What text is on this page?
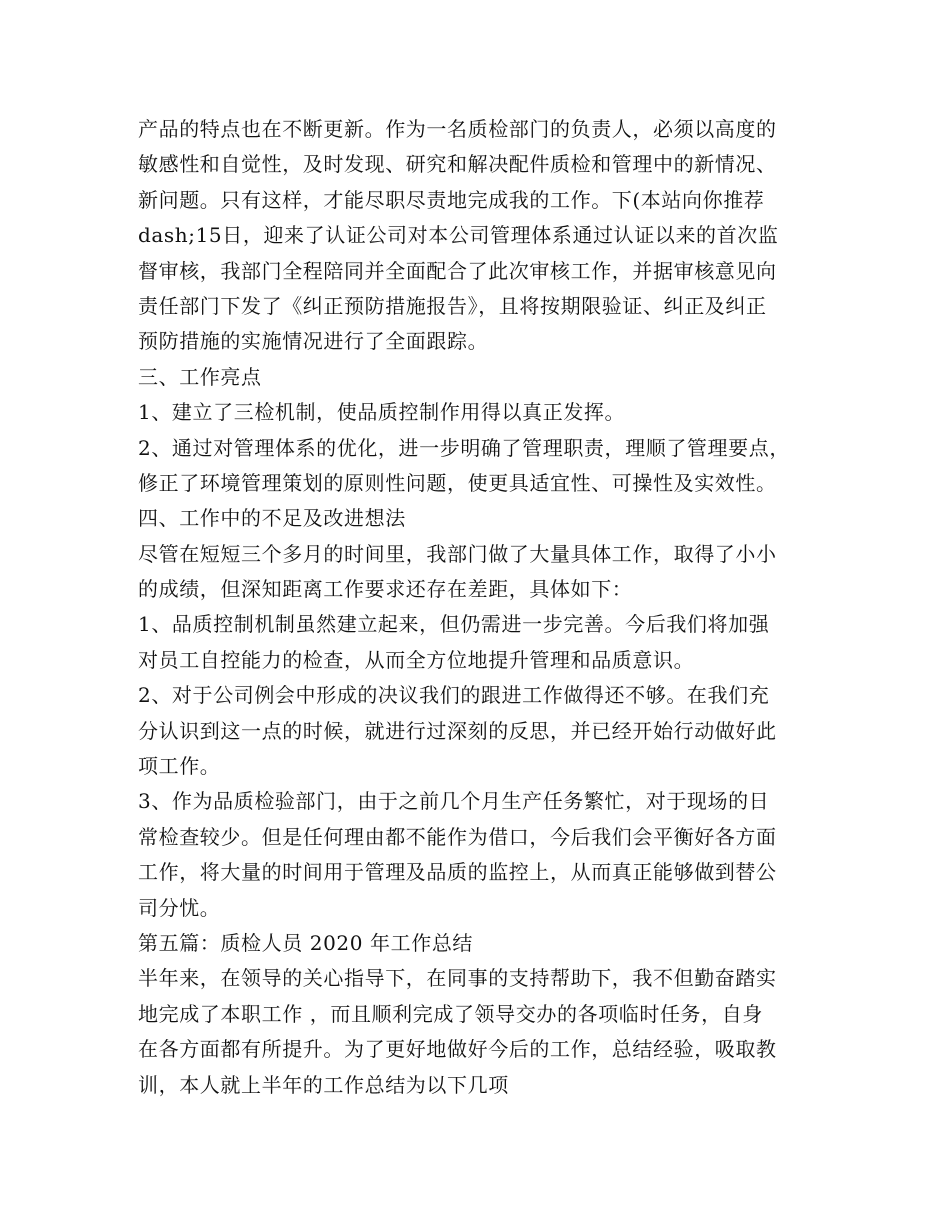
产品的特点也在不断更新。作为一名质检部门的负责人，必须以高度的
敏感性和自觉性，及时发现、研究和解决配件质检和管理中的新情况、
新问题。只有这样，才能尽职尽责地完成我的工作。下(本站向你推荐
dash;15日，迎来了认证公司对本公司管理体系通过认证以来的首次监
督审核，我部门全程陪同并全面配合了此次审核工作，并据审核意见向
责任部门下发了《纠正预防措施报告》，且将按期限验证、纠正及纠正
预防措施的实施情况进行了全面跟踪。
三、工作亮点
1、建立了三检机制，使品质控制作用得以真正发挥。
2、通过对管理体系的优化，进一步明确了管理职责，理顺了管理要点，
修正了环境管理策划的原则性问题，使更具适宜性、可操性及实效性。
四、工作中的不足及改进想法
尽管在短短三个多月的时间里，我部门做了大量具体工作，取得了小小
的成绩，但深知距离工作要求还存在差距，具体如下：
1、品质控制机制虽然建立起来，但仍需进一步完善。今后我们将加强
对员工自控能力的检查，从而全方位地提升管理和品质意识。
2、对于公司例会中形成的决议我们的跟进工作做得还不够。在我们充
分认识到这一点的时候，就进行过深刻的反思，并已经开始行动做好此
项工作。
3、作为品质检验部门，由于之前几个月生产任务繁忙，对于现场的日
常检查较少。但是任何理由都不能作为借口，今后我们会平衡好各方面
工作，将大量的时间用于管理及品质的监控上，从而真正能够做到替公
司分忧。
第五篇：质检人员 2020 年工作总结
半年来，在领导的关心指导下，在同事的支持帮助下，我不但勤奋踏实
地完成了本职工作 ，而且顺利完成了领导交办的各项临时任务，自身
在各方面都有所提升。为了更好地做好今后的工作，总结经验，吸取教
训，本人就上半年的工作总结为以下几项
